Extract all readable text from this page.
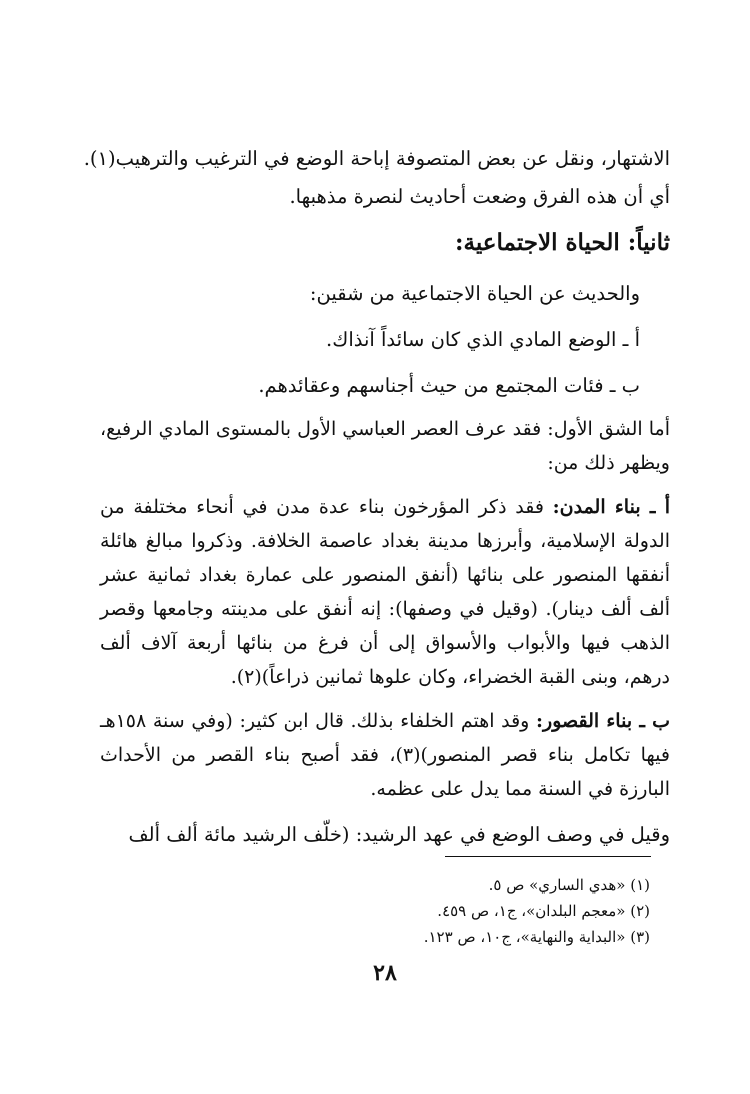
الاشتهار، ونقل عن بعض المتصوفة إباحة الوضع في الترغيب والترهيب(١).

أي أن هذه الفرق وضعت أحاديث لنصرة مذهبها.

ثانياً: الحياة الاجتماعية:

والحديث عن الحياة الاجتماعية من شقين:

أ ـ الوضع المادي الذي كان سائداً آنذاك.

ب ـ فئات المجتمع من حيث أجناسهم وعقائدهم.

أما الشق الأول: فقد عرف العصر العباسي الأول بالمستوى المادي الرفيع، ويظهر ذلك من:

أ ـ بناء المدن: فقد ذكر المؤرخون بناء عدة مدن في أنحاء مختلفة من الدولة الإسلامية، وأبرزها مدينة بغداد عاصمة الخلافة. وذكروا مبالغ هائلة أنفقها المنصور على بنائها (أنفق المنصور على عمارة بغداد ثمانية عشر ألف ألف دينار). (وقيل في وصفها): إنه أنفق على مدينته وجامعها وقصر الذهب فيها والأبواب والأسواق إلى أن فرغ من بنائها أربعة آلاف ألف درهم، وبنى القبة الخضراء، وكان علوها ثمانين ذراعاً)(٢).

ب ـ بناء القصور: وقد اهتم الخلفاء بذلك. قال ابن كثير: (وفي سنة ١٥٨هـ فيها تكامل بناء قصر المنصور)(٣)، فقد أصبح بناء القصر من الأحداث البارزة في السنة مما يدل على عظمه.

وقيل في وصف الوضع في عهد الرشيد: (خلّف الرشيد مائة ألف ألف

(١) «هدي الساري» ص ٥.

(٢) «معجم البلدان»، ج١، ص ٤٥٩.

(٣) «البداية والنهاية»، ج١٠، ص ١٢٣.

٢٨
